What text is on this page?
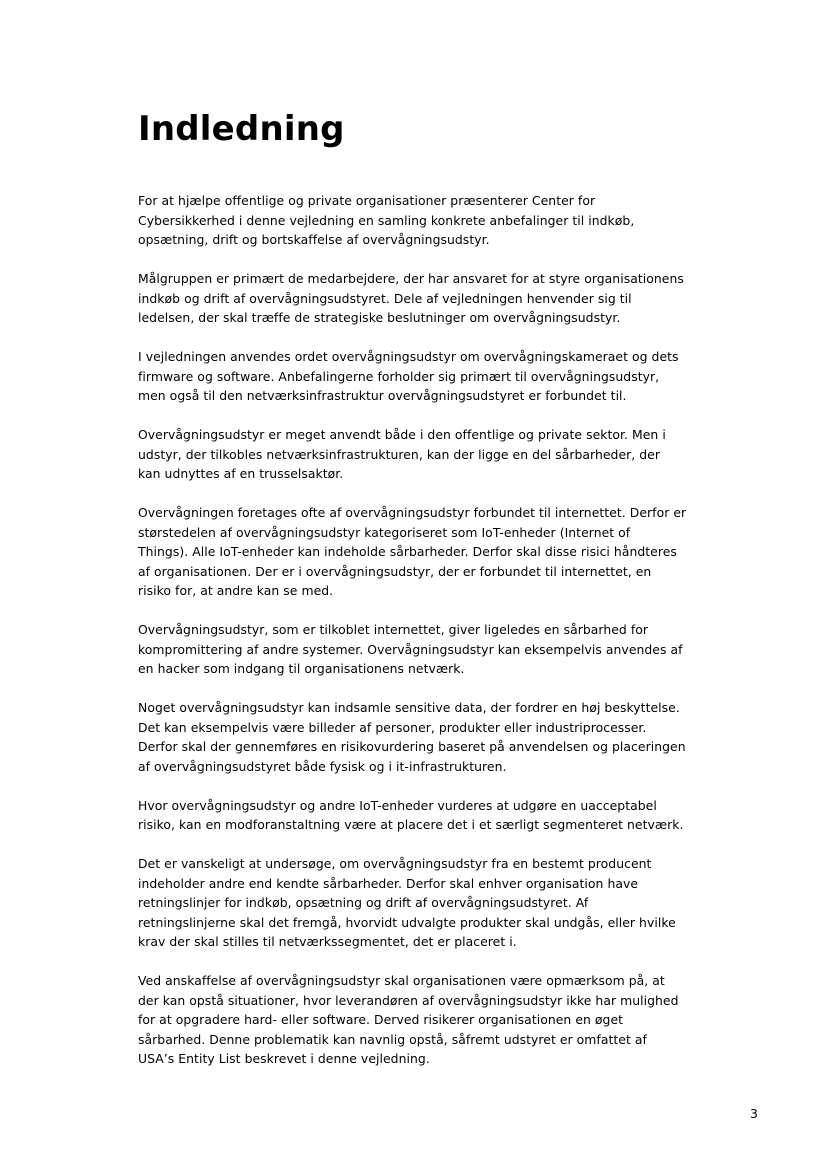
Indledning

For at hjælpe offentlige og private organisationer præsenterer Center for
Cybersikkerhed i denne vejledning en samling konkrete anbefalinger til indkøb,
opsætning, drift og bortskaffelse af overvågningsudstyr.

Målgruppen er primært de medarbejdere, der har ansvaret for at styre organisationens
indkøb og drift af overvågningsudstyret. Dele af vejledningen henvender sig til
ledelsen, der skal træffe de strategiske beslutninger om overvågningsudstyr.

I vejledningen anvendes ordet overvågningsudstyr om overvågningskameraet og dets
firmware og software. Anbefalingerne forholder sig primært til overvågningsudstyr,
men også til den netværksinfrastruktur overvågningsudstyret er forbundet til.

Overvågningsudstyr er meget anvendt både i den offentlige og private sektor. Men i
udstyr, der tilkobles netværksinfrastrukturen, kan der ligge en del sårbarheder, der
kan udnyttes af en trusselsaktør.

Overvågningen foretages ofte af overvågningsudstyr forbundet til internettet. Derfor er
størstedelen af overvågningsudstyr kategoriseret som IoT-enheder (Internet of
Things). Alle IoT-enheder kan indeholde sårbarheder. Derfor skal disse risici håndteres
af organisationen. Der er i overvågningsudstyr, der er forbundet til internettet, en
risiko for, at andre kan se med.

Overvågningsudstyr, som er tilkoblet internettet, giver ligeledes en sårbarhed for
kompromittering af andre systemer. Overvågningsudstyr kan eksempelvis anvendes af
en hacker som indgang til organisationens netværk.

Noget overvågningsudstyr kan indsamle sensitive data, der fordrer en høj beskyttelse.
Det kan eksempelvis være billeder af personer, produkter eller industriprocesser.
Derfor skal der gennemføres en risikovurdering baseret på anvendelsen og placeringen
af overvågningsudstyret både fysisk og i it-infrastrukturen.

Hvor overvågningsudstyr og andre IoT-enheder vurderes at udgøre en uacceptabel
risiko, kan en modforanstaltning være at placere det i et særligt segmenteret netværk.

Det er vanskeligt at undersøge, om overvågningsudstyr fra en bestemt producent
indeholder andre end kendte sårbarheder. Derfor skal enhver organisation have
retningslinjer for indkøb, opsætning og drift af overvågningsudstyret. Af
retningslinjerne skal det fremgå, hvorvidt udvalgte produkter skal undgås, eller hvilke
krav der skal stilles til netværkssegmentet, det er placeret i.

Ved anskaffelse af overvågningsudstyr skal organisationen være opmærksom på, at
der kan opstå situationer, hvor leverandøren af overvågningsudstyr ikke har mulighed
for at opgradere hard- eller software. Derved risikerer organisationen en øget
sårbarhed. Denne problematik kan navnlig opstå, såfremt udstyret er omfattet af
USA’s Entity List beskrevet i denne vejledning.

3
